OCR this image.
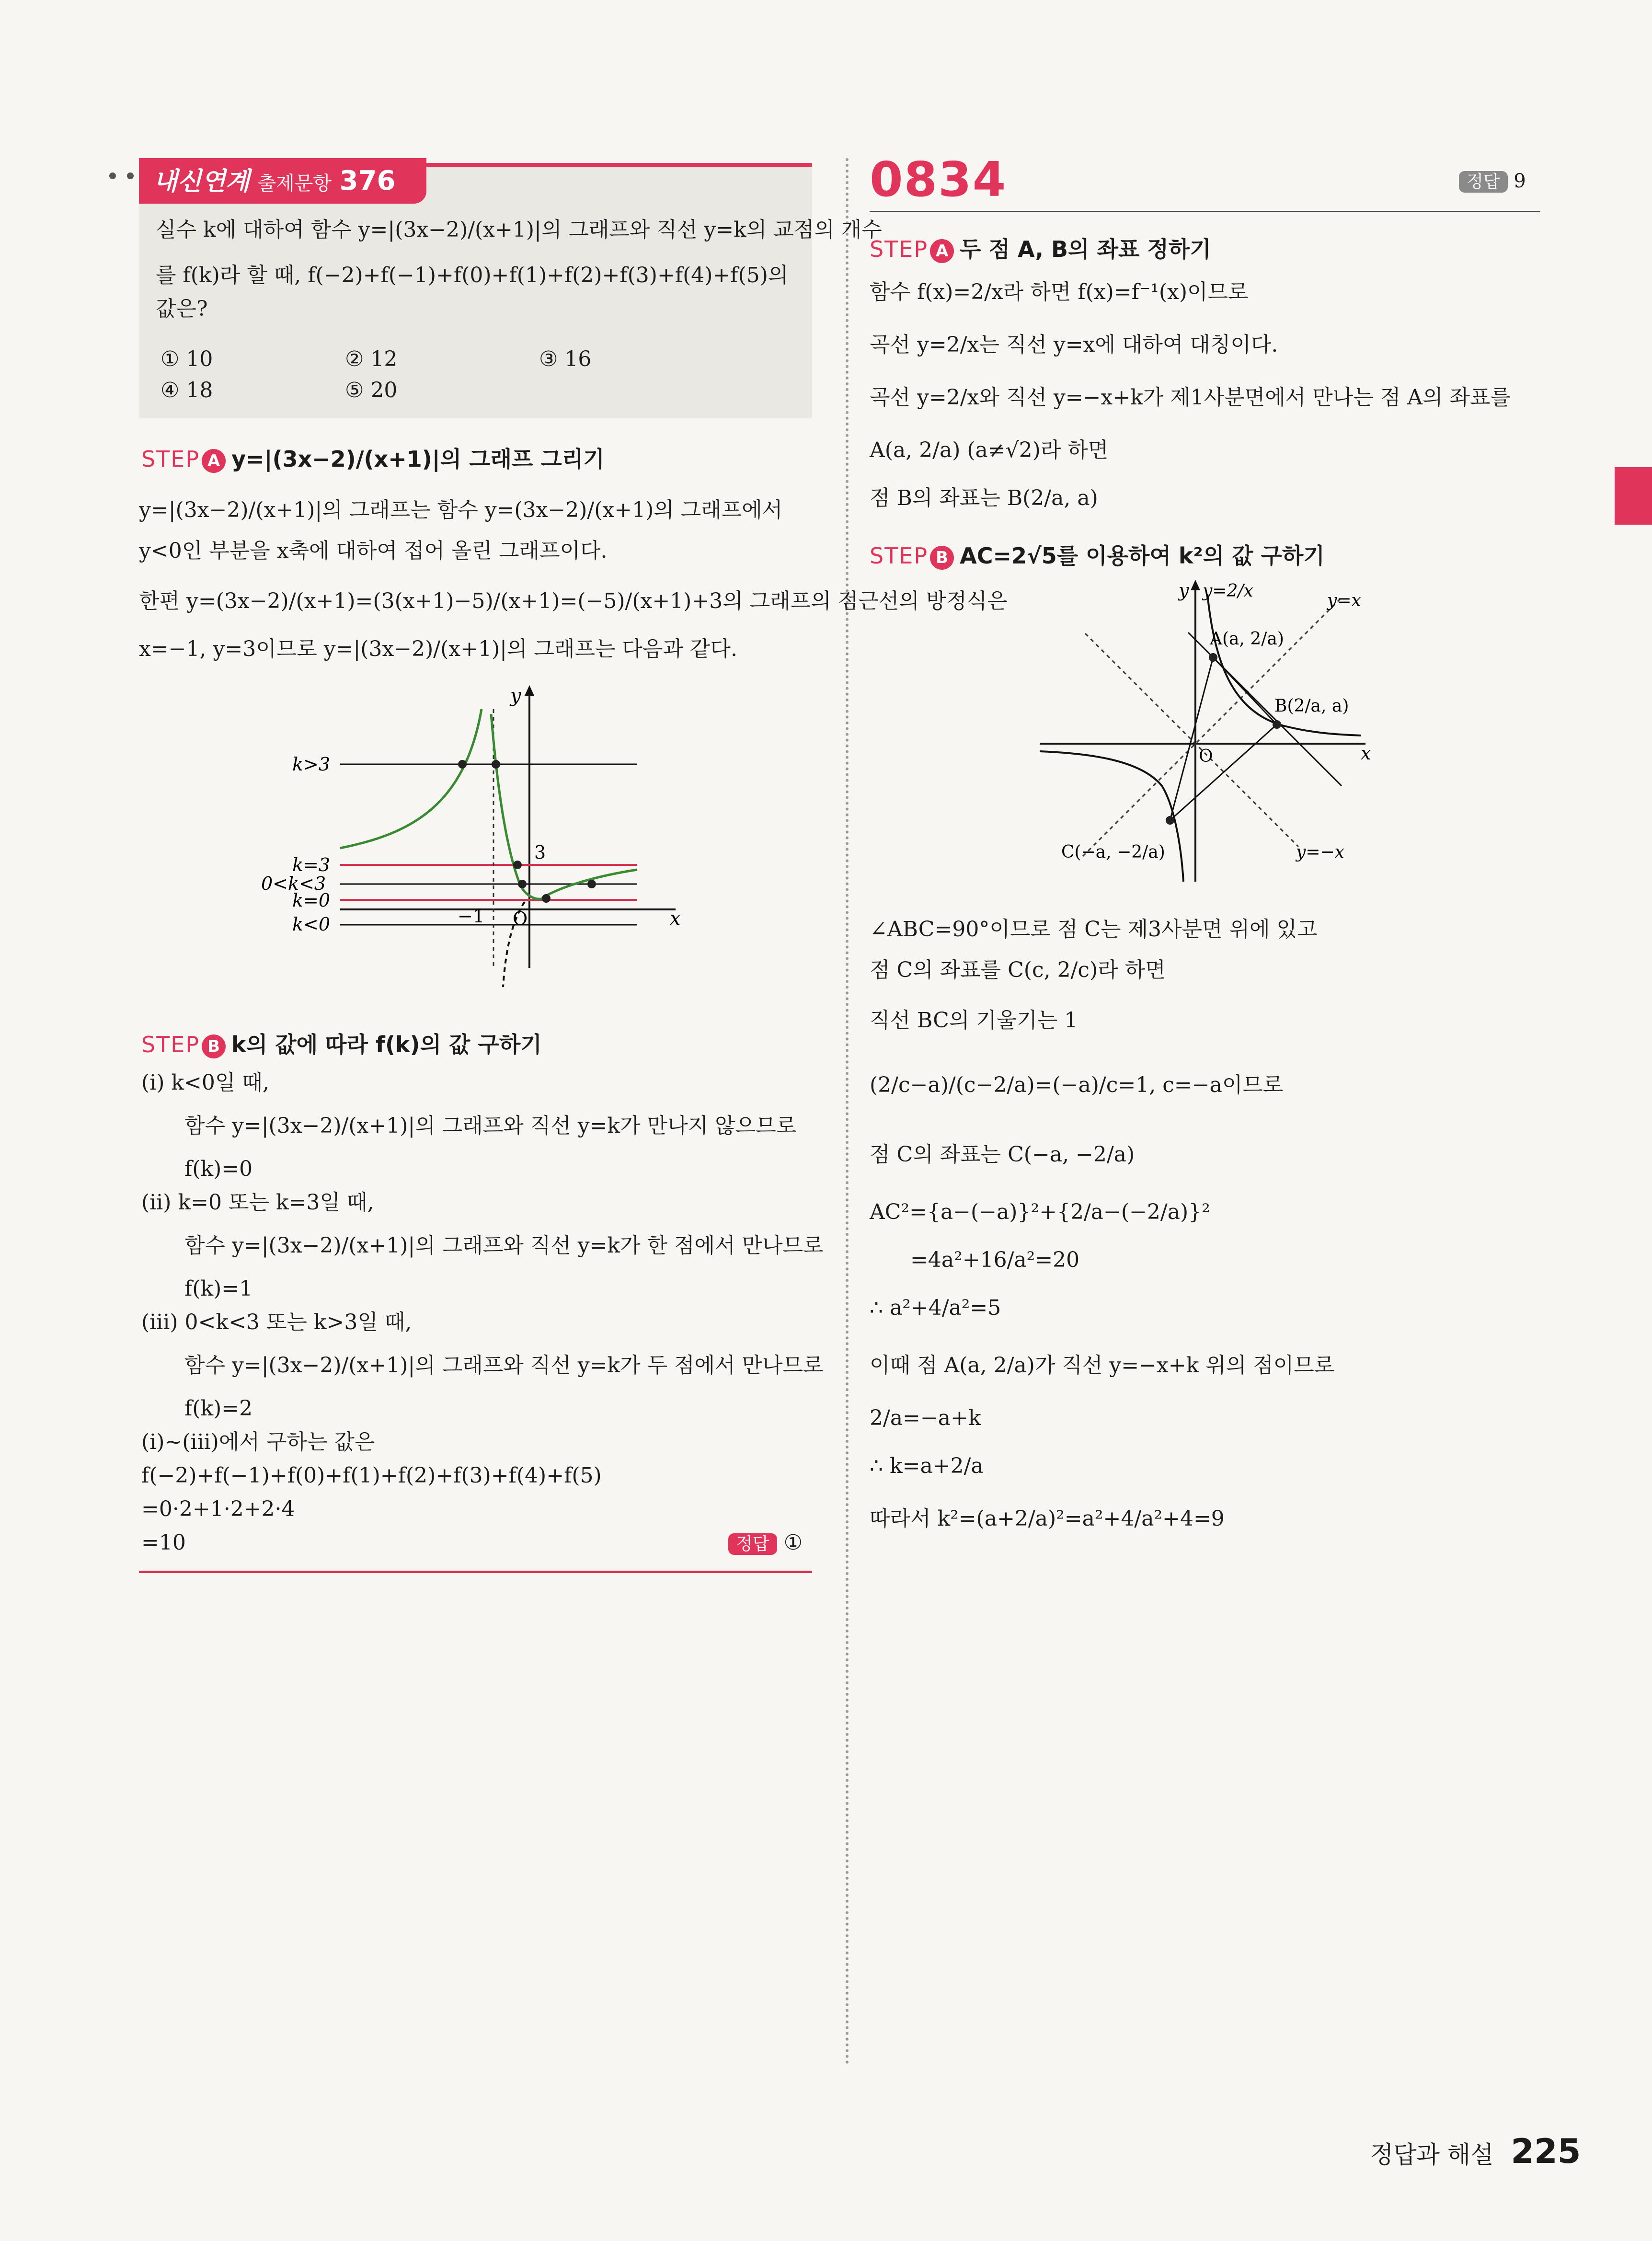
내신연계 출제문항 376
실수 k에 대하여 함수 y=|(3x−2)/(x+1)|의 그래프와 직선 y=k의 교점의 개수
를 f(k)라 할 때, f(−2)+f(−1)+f(0)+f(1)+f(2)+f(3)+f(4)+f(5)의
값은?
① 10	② 12	③ 16
④ 18	⑤ 20
STEP A y=|(3x−2)/(x+1)|의 그래프 그리기
y=|(3x−2)/(x+1)|의 그래프는 함수 y=(3x−2)/(x+1)의 그래프에서
y<0인 부분을 x축에 대하여 접어 올린 그래프이다.
한편 y=(3x−2)/(x+1)=(3(x+1)−5)/(x+1)=(−5)/(x+1)+3의 그래프의 점근선의 방정식은
x=−1, y=3이므로 y=|(3x−2)/(x+1)|의 그래프는 다음과 같다.
y
x
O
−1
3
k>3
k=3
0<k<3
k=0
k<0
STEP B k의 값에 따라 f(k)의 값 구하기
(ⅰ) k<0일 때,
함수 y=|(3x−2)/(x+1)|의 그래프와 직선 y=k가 만나지 않으므로
f(k)=0
(ⅱ) k=0 또는 k=3일 때,
함수 y=|(3x−2)/(x+1)|의 그래프와 직선 y=k가 한 점에서 만나므로
f(k)=1
(ⅲ) 0<k<3 또는 k>3일 때,
함수 y=|(3x−2)/(x+1)|의 그래프와 직선 y=k가 두 점에서 만나므로
f(k)=2
(ⅰ)~(ⅲ)에서 구하는 값은
f(−2)+f(−1)+f(0)+f(1)+f(2)+f(3)+f(4)+f(5)
=0·2+1·2+2·4
=10	정답 ①
0834	정답 9
STEP A 두 점 A, B의 좌표 정하기
함수 f(x)=2/x라 하면 f(x)=f⁻¹(x)이므로
곡선 y=2/x는 직선 y=x에 대하여 대칭이다.
곡선 y=2/x와 직선 y=−x+k가 제1사분면에서 만나는 점 A의 좌표를
A(a, 2/a) (a≠√2)라 하면
점 B의 좌표는 B(2/a, a)
STEP B AC=2√5를 이용하여 k²의 값 구하기
y
x
O
y=2/x	y=x
y=−x
A(a, 2/a)
B(2/a, a)
C(−a, −2/a)
∠ABC=90°이므로 점 C는 제3사분면 위에 있고
점 C의 좌표를 C(c, 2/c)라 하면
직선 BC의 기울기는 1
(2/c−a)/(c−2/a)=(−a)/c=1, c=−a이므로
점 C의 좌표는 C(−a, −2/a)
AC²={a−(−a)}²+{2/a−(−2/a)}²
=4a²+16/a²=20
∴ a²+4/a²=5
이때 점 A(a, 2/a)가 직선 y=−x+k 위의 점이므로
2/a=−a+k
∴ k=a+2/a
따라서 k²=(a+2/a)²=a²+4/a²+4=9
정답과 해설 225
